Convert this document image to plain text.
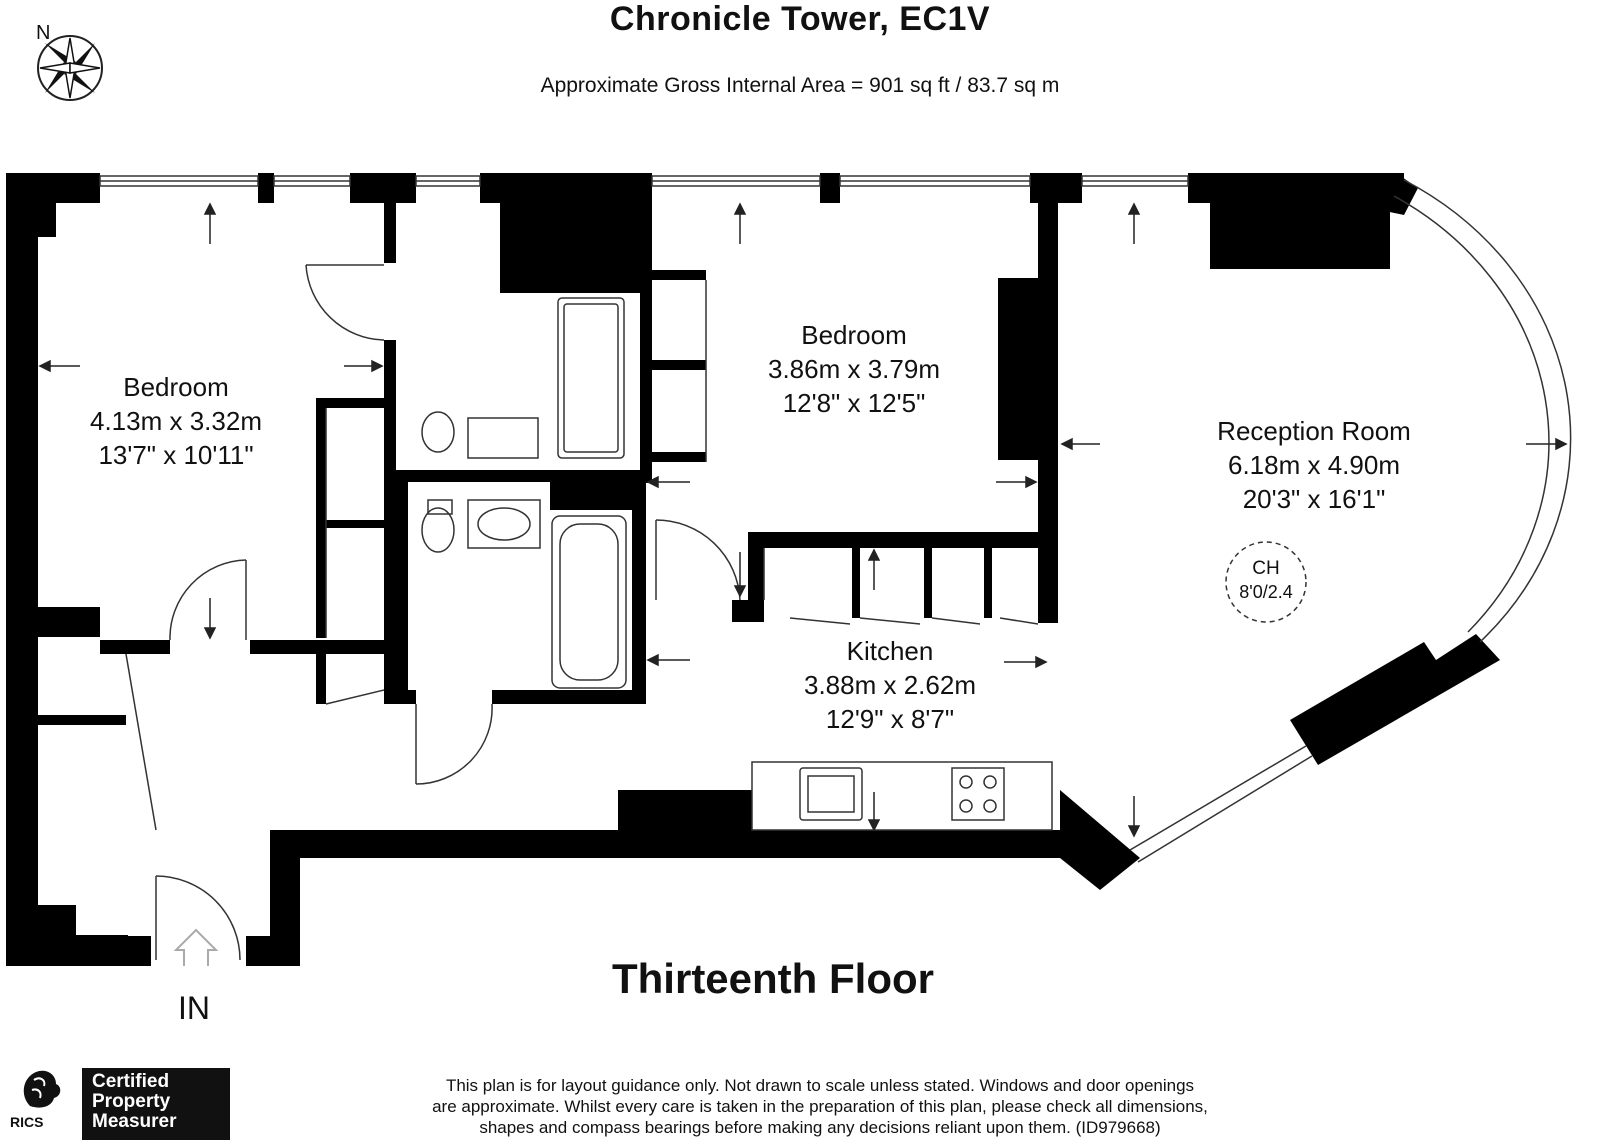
Chronicle Tower, EC1V
Approximate Gross Internal Area = 901 sq ft / 83.7 sq m
N
CH
8'0/2.4
Bedroom
4.13m x 3.32m
13'7" x 10'11"
Bedroom
3.86m x 3.79m
12'8" x 12'5"
Reception Room
6.18m x 4.90m
20'3" x 16'1"
Kitchen
3.88m x 2.62m
12'9" x 8'7"
Thirteenth Floor
IN
This plan is for layout guidance only. Not drawn to scale unless stated. Windows and door openings
are approximate. Whilst every care is taken in the preparation of this plan, please check all dimensions,
shapes and compass bearings before making any decisions reliant upon them. (ID979668)
RICS
Certified
Property
Measurer
